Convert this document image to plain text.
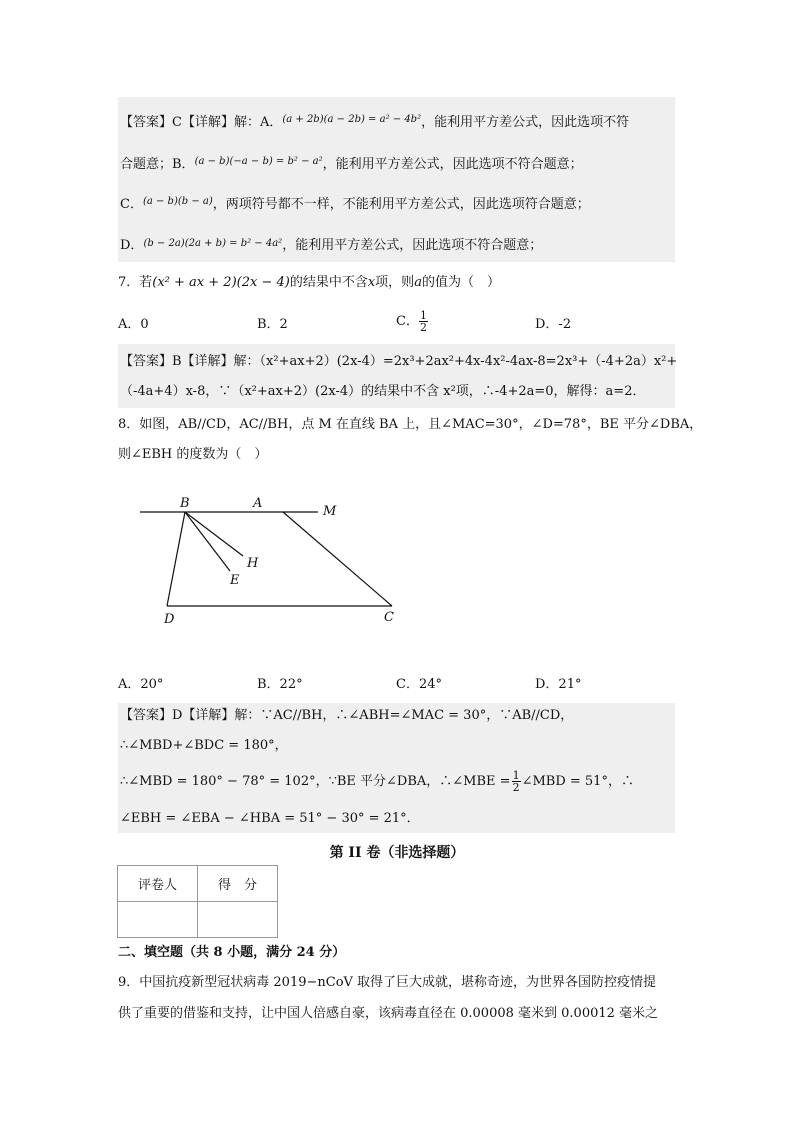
【答案】C【详解】解：A．$^{(a + 2b)(a - 2b) = a^2 - 4b^2}$，能利用平方差公式，因此选项不符
合题意；B．$^{(a - b)(-a - b) = b^2 - a^2}$，能利用平方差公式，因此选项不符合题意；
C．$^{(a - b)(b - a)}$，两项符号都不一样，不能利用平方差公式，因此选项符合题意；
D．$^{(b - 2a)(2a + b) = b^2 - 4a^2}$，能利用平方差公式，因此选项不符合题意；
7．若(x² + ax + 2)(2x − 4)的结果中不含x项，则a的值为（　）
A．0	B．2	C． $\frac{1}{2}$	D．-2
【答案】B【详解】解：（x²+ax+2）(2x-4）=2x³+2ax²+4x-4x²-4ax-8=2x³+（-4+2a）x²+
（-4a+4）x-8，∵（x²+ax+2）(2x-4）的结果中不含 x²项，∴-4+2a=0，解得：a=2．
8．如图，AB//CD，AC//BH，点 M 在直线 BA 上，且∠MAC=30°，∠D=78°，BE 平分∠DBA，
则∠EBH 的度数为（　）
B	A
M
H
E
D	C
A．20°	B．22°	C．24°	D．21°
【答案】D【详解】解：∵AC//BH，∴∠ABH=∠MAC = 30°，∵AB//CD，
∴∠MBD+∠BDC = 180°，
∴∠MBD = 180° − 78° = 102°，∵BE 平分∠DBA，∴∠MBE = $\frac{1}{2}$ ∠MBD = 51°，∴
∠EBH = ∠EBA − ∠HBA = 51° − 30° = 21°．
第 II 卷（非选择题）
评卷人	得　分

二、填空题（共 8 小题，满分 24 分）
9．中国抗疫新型冠状病毒 2019−nCoV 取得了巨大成就，堪称奇迹，为世界各国防控疫情提
供了重要的借鉴和支持，让中国人倍感自豪，该病毒直径在 0.00008 毫米到 0.00012 毫米之
